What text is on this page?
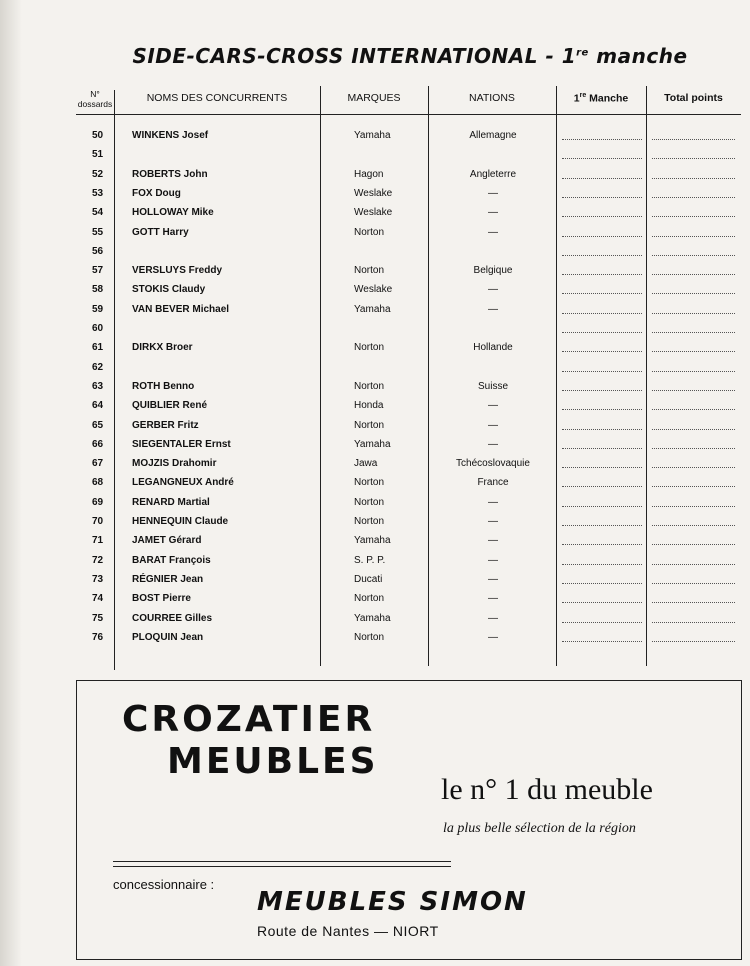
SIDE-CARS-CROSS INTERNATIONAL - 1re manche
N°
dossards	NOMS DES CONCURRENTS	MARQUES	NATIONS	1re Manche	Total points
50	WINKENS Josef	Yamaha	Allemagne
51
52	ROBERTS John	Hagon	Angleterre
53	FOX Doug	Weslake	—
54	HOLLOWAY Mike	Weslake	—
55	GOTT Harry	Norton	—
56
57	VERSLUYS Freddy	Norton	Belgique
58	STOKIS Claudy	Weslake	—
59	VAN BEVER Michael	Yamaha	—
60
61	DIRKX Broer	Norton	Hollande
62
63	ROTH Benno	Norton	Suisse
64	QUIBLIER René	Honda	—
65	GERBER Fritz	Norton	—
66	SIEGENTALER Ernst	Yamaha	—
67	MOJZIS Drahomir	Jawa	Tchécoslovaquie
68	LEGANGNEUX André	Norton	France
69	RENARD Martial	Norton	—
70	HENNEQUIN Claude	Norton	—
71	JAMET Gérard	Yamaha	—
72	BARAT François	S. P. P.	—
73	RÉGNIER Jean	Ducati	—
74	BOST Pierre	Norton	—
75	COURREE Gilles	Yamaha	—
76	PLOQUIN Jean	Norton	—
CROZATIER
MEUBLES
le n° 1 du meuble
la plus belle sélection de la région
concessionnaire :
MEUBLES SIMON
Route de Nantes — NIORT
